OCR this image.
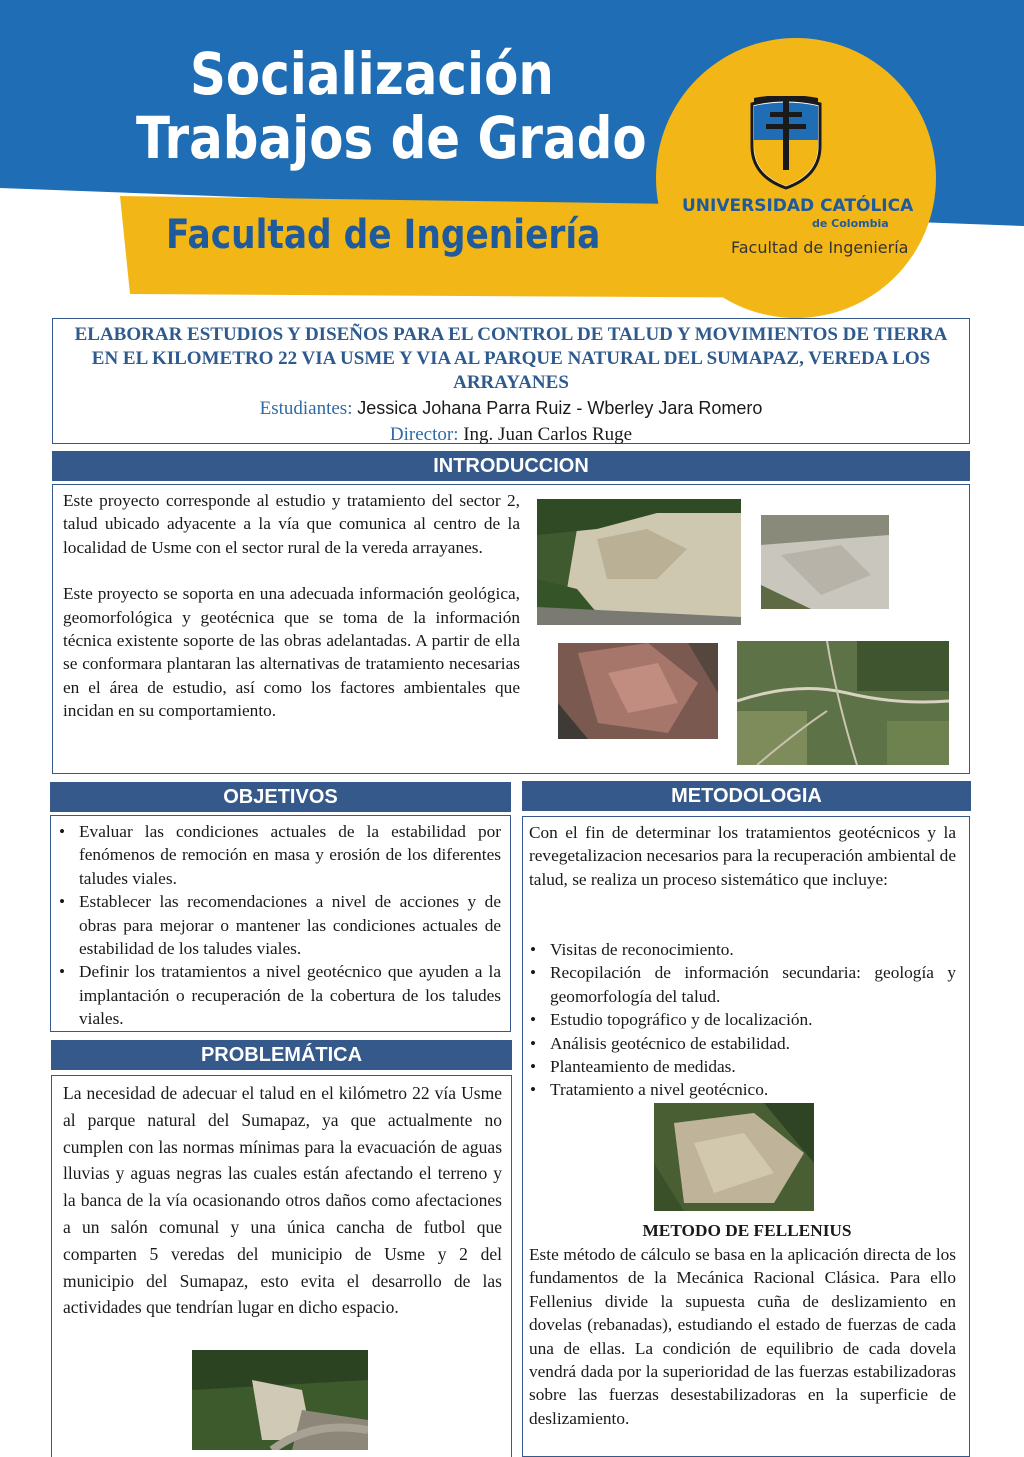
Socialización
Trabajos de Grado
Facultad de Ingeniería
UNIVERSIDAD CATÓLICA
de Colombia
Facultad de Ingeniería
ELABORAR ESTUDIOS Y DISEÑOS PARA EL CONTROL DE TALUD Y MOVIMIENTOS DE TIERRA EN EL KILOMETRO 22 VIA USME Y VIA AL PARQUE NATURAL DEL SUMAPAZ, VEREDA LOS ARRAYANES
Estudiantes: Jessica Johana Parra Ruiz - Wberley Jara Romero
Director: Ing. Juan Carlos Ruge
INTRODUCCION

Este proyecto corresponde al estudio y tratamiento del sector 2, talud ubicado adyacente a la vía que comunica al centro de la localidad de Usme con el sector rural de la vereda arrayanes.

Este proyecto se soporta en una adecuada información geológica, geomorfológica y geotécnica que se toma de la información técnica existente soporte de las obras adelantadas. A partir de ella se conformara plantaran las alternativas de tratamiento necesarias en el área de estudio, así como los factores ambientales que incidan en su comportamiento.

OBJETIVOS
• Evaluar las condiciones actuales de la estabilidad por fenómenos de remoción en masa y erosión de los diferentes taludes viales.
• Establecer las recomendaciones a nivel de acciones y de obras para mejorar o mantener las condiciones actuales de estabilidad de los taludes viales.
• Definir los tratamientos a nivel geotécnico que ayuden a la implantación o recuperación de la cobertura de los taludes viales.
PROBLEMÁTICA

La necesidad de adecuar el talud en el kilómetro 22 vía Usme al parque natural del Sumapaz, ya que actualmente no cumplen con las normas mínimas para la evacuación de aguas lluvias y aguas negras las cuales están afectando el terreno y la banca de la vía ocasionando otros daños como afectaciones a un salón comunal y una única cancha de futbol que comparten 5 veredas del municipio de Usme y 2 del municipio del Sumapaz, esto evita el desarrollo de las actividades que tendrían lugar en dicho espacio.

METODOLOGIA

Con el fin de determinar los tratamientos geotécnicos y la revegetalizacion necesarios para la recuperación ambiental de talud, se realiza un proceso sistemático que incluye:

• Visitas de reconocimiento.
• Recopilación de información secundaria: geología y geomorfología del talud.
• Estudio topográfico y de localización.
• Análisis geotécnico de estabilidad.
• Planteamiento de medidas.
• Tratamiento a nivel geotécnico.
METODO DE FELLENIUS

Este método de cálculo se basa en la aplicación directa de los fundamentos de la Mecánica Racional Clásica. Para ello Fellenius divide la supuesta cuña de deslizamiento en dovelas (rebanadas), estudiando el estado de fuerzas de cada una de ellas. La condición de equilibrio de cada dovela vendrá dada por la superioridad de las fuerzas estabilizadoras sobre las fuerzas desestabilizadoras en la superficie de deslizamiento.
